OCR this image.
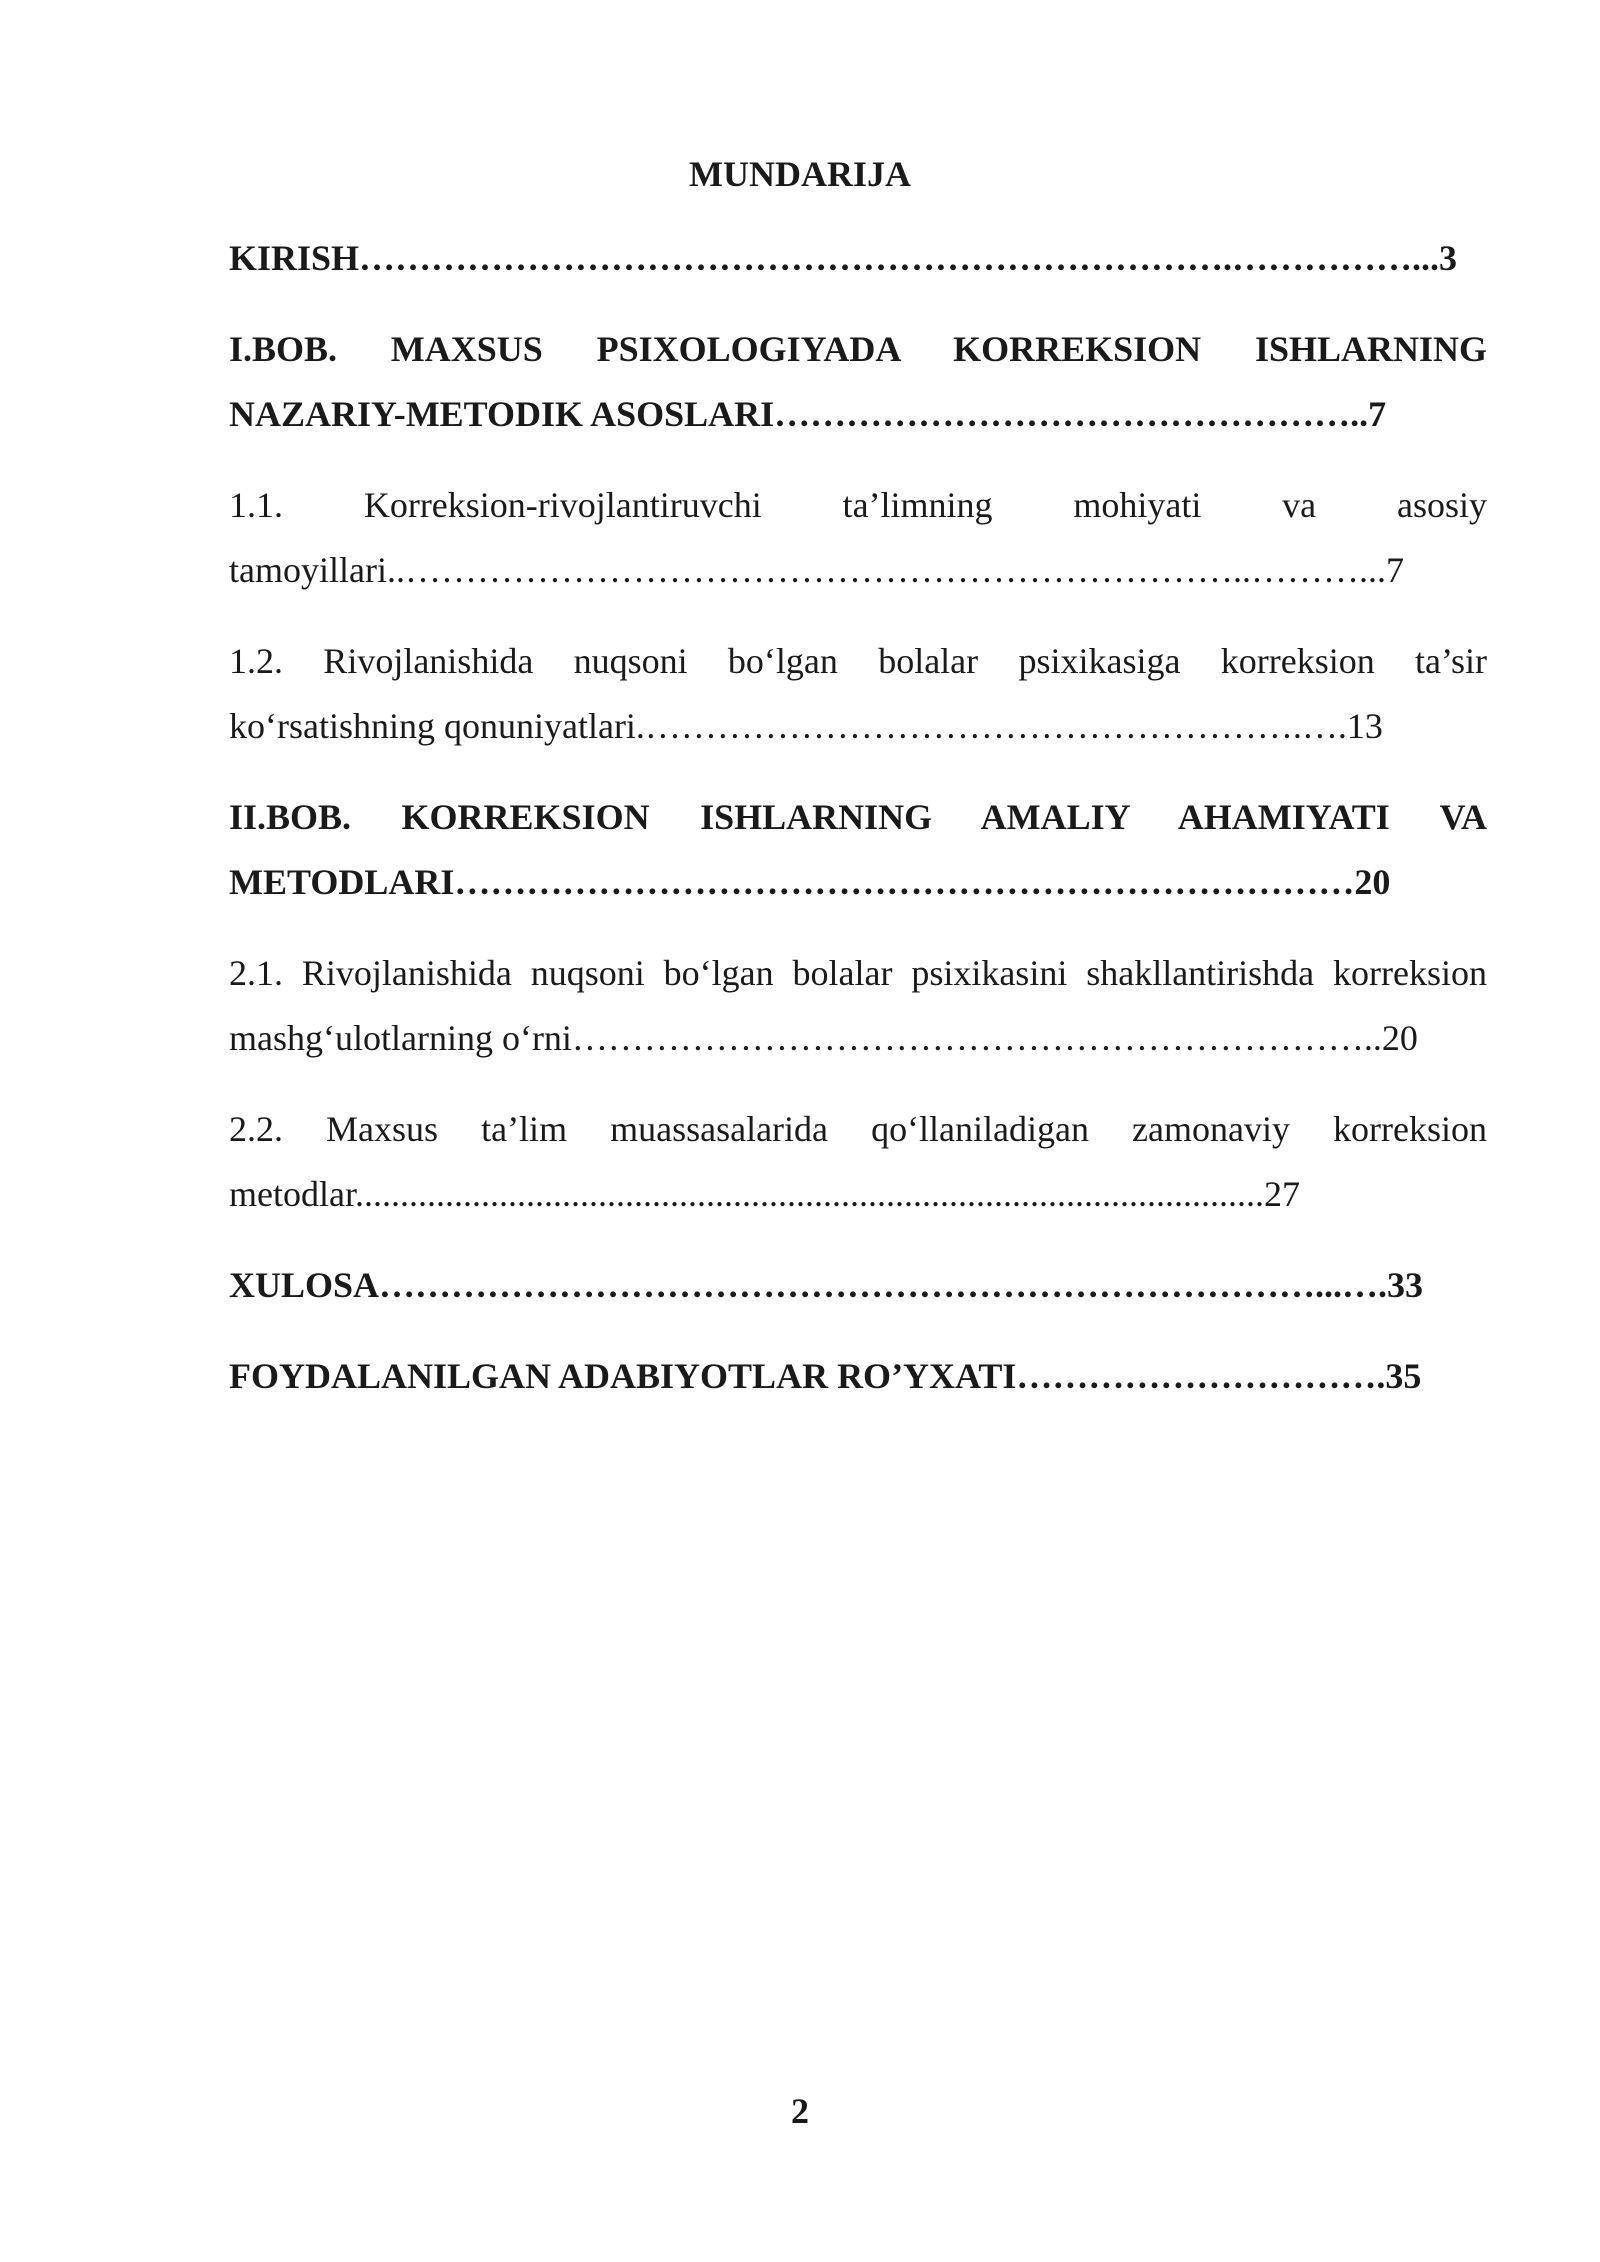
MUNDARIJA
KIRISH……………………………………………………………….……………...3
I.BOB. MAXSUS PSIXOLOGIYADA KORREKSION ISHLARNING
NAZARIY-METODIK ASOSLARI…………………………………………..7
1.1. Korreksion-rivojlantiruvchi ta’limning mohiyati va asosiy
tamoyillari..……………………………………………………………..………...7
1.2. Rivojlanishida nuqsoni bo‘lgan bolalar psixikasiga korreksion ta’sir
ko‘rsatishning qonuniyatlari.……………………………………………….….13
II.BOB. KORREKSION ISHLARNING AMALIY AHAMIYATI VA
METODLARI…………………………………………………………………20
2.1. Rivojlanishida nuqsoni bo‘lgan bolalar psixikasini shakllantirishda korreksion
mashg‘ulotlarning o‘rni…………………………………………………………..20
2.2. Maxsus ta’lim muassasalarida qo‘llaniladigan zamonaviy korreksion
metodlar.....................................................................................................27
XULOSA……………………………………………………………………...….33
FOYDALANILGAN ADABIYOTLAR RO’YXATI………………………….35
2
